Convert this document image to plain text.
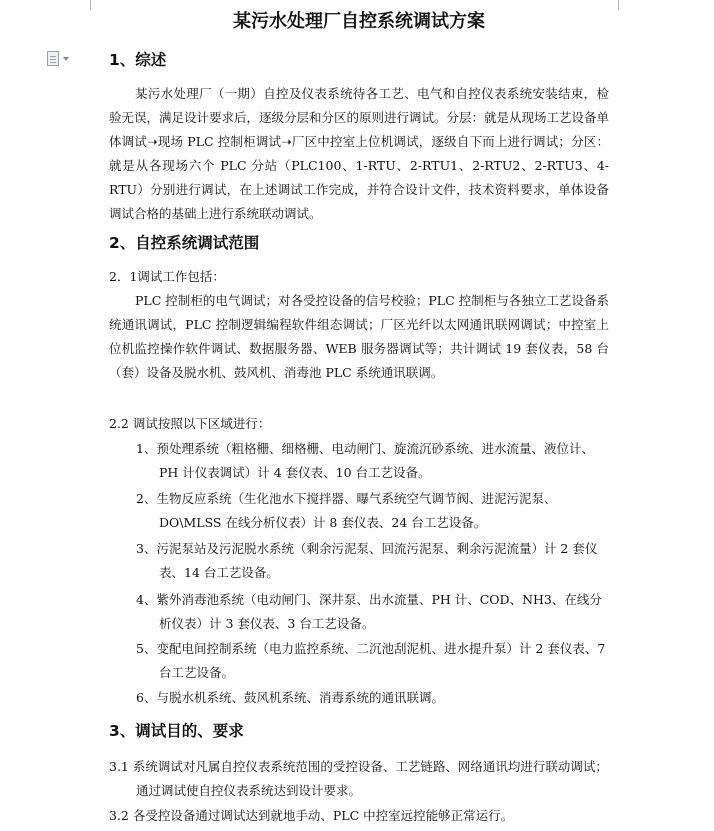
某污水处理厂自控系统调试方案
1、综述
某污水处理厂（一期）自控及仪表系统待各工艺、电气和自控仪表系统安装结束，检验无误，满足设计要求后，逐级分层和分区的原则进行调试。分层：就是从现场工艺设备单体调试➝现场 PLC 控制柜调试➝厂区中控室上位机调试，逐级自下而上进行调试；分区：就是从各现场六个 PLC 分站（PLC100、1-RTU、2-RTU1、2-RTU2、2-RTU3、4-RTU）分别进行调试，在上述调试工作完成，并符合设计文件，技术资料要求，单体设备调试合格的基础上进行系统联动调试。
2、自控系统调试范围
2．1调试工作包括：
PLC 控制柜的电气调试；对各受控设备的信号校验；PLC 控制柜与各独立工艺设备系统通讯调试，PLC 控制逻辑编程软件组态调试；厂区光纤以太网通讯联网调试；中控室上位机监控操作软件调试、数据服务器、WEB 服务器调试等；共计调试 19 套仪表，58 台（套）设备及脱水机、鼓风机、消毒池 PLC 系统通讯联调。
2.2 调试按照以下区域进行：
1、预处理系统（粗格栅、细格栅、电动闸门、旋流沉砂系统、进水流量、液位计、PH 计仪表调试）计 4 套仪表、10 台工艺设备。
2、生物反应系统（生化池水下搅拌器、曝气系统空气调节阀、进泥污泥泵、DO\MLSS 在线分析仪表）计 8 套仪表、24 台工艺设备。
3、污泥泵站及污泥脱水系统（剩余污泥泵、回流污泥泵、剩余污泥流量）计 2 套仪表、14 台工艺设备。
4、紫外消毒池系统（电动闸门、深井泵、出水流量、PH 计、COD、NH3、在线分析仪表）计 3 套仪表、3 台工艺设备。
5、变配电间控制系统（电力监控系统、二沉池刮泥机、进水提升泵）计 2 套仪表、7 台工艺设备。
6、与脱水机系统、鼓风机系统、消毒系统的通讯联调。
3、调试目的、要求
3.1 系统调试对凡属自控仪表系统范围的受控设备、工艺链路、网络通讯均进行联动调试；通过调试使自控仪表系统达到设计要求。
3.2 各受控设备通过调试达到就地手动、PLC 中控室远控能够正常运行。
